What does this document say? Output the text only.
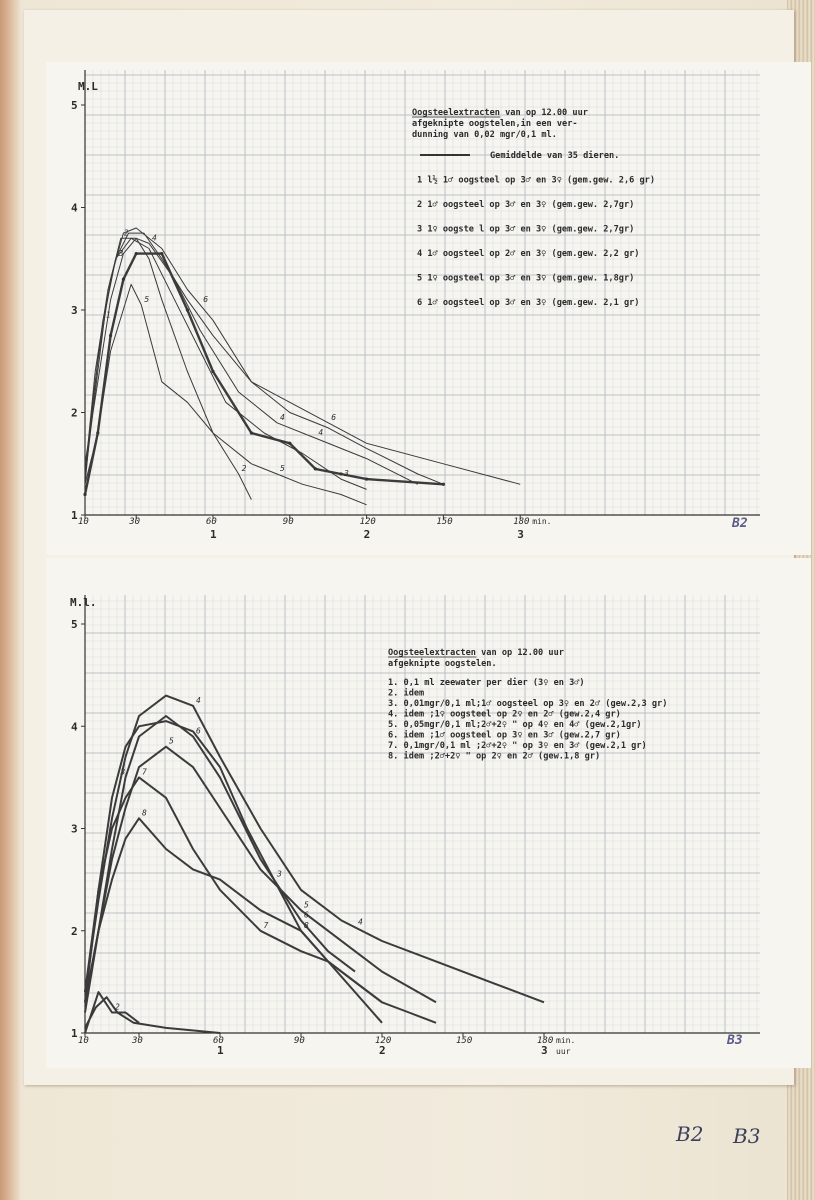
1
2
3
4
5
M.L
10	30	60	90	120	150	180 min.
1	2	3
B2
Oogsteelextracten van op 12.00 uur
afgeknipte oogstelen,in een ver-
dunning van 0,02 mgr/0,1 ml.
Gemiddelde van 35 dieren.
1 l½ 1♂ oogsteel op 3♂ en 3♀ (gem.gew. 2,6 gr)
2 1♂ oogsteel op 3♂ en 3♀ (gem.gew. 2,7gr)
3 1♀ oogste l op 3♂ en 3♀ (gem.gew. 2,7gr)
4 1♂ oogsteel op 2♂ en 3♀ (gem.gew. 2,2 gr)
5 1♀ oogsteel op 3♂ en 3♀ (gem.gew. 1,8gr)
6 1♂ oogsteel op 3♂ en 3♀ (gem.gew. 2,1 gr)
1
2
2
3
3
4
4
4
5
5
6
6
1
2
3
4
5
M.l.
10	30	60	90	120	150	180 min.
1	2	3 uur
B3
Oogsteelextracten van op 12.00 uur
afgeknipte oogstelen.
1. 0,1 ml zeewater per dier (3♀ en 3♂)
2. idem
3. 0,01mgr/0,1 ml;1♂ oogsteel op 3♀ en 2♂ (gew.2,3 gr)
4. idem ;1♀ oogsteel op 2♀ en 2♂ (gew.2,4 gr)
5. 0,05mgr/0,1 ml;2♂+2♀ " op 4♀ en 4♂ (gew.2,1gr)
6. idem ;1♂ oogsteel op 3♀ en 3♂ (gew.2,7 gr)
7. 0,1mgr/0,1 ml ;2♂+2♀ " op 3♀ en 3♂ (gew.2,1 gr)
8. idem ;2♂+2♀ " op 2♀ en 2♂ (gew.1,8 gr)
2
3
3
4
4
5
5
6
6
7
7
8
8
B2 B3
